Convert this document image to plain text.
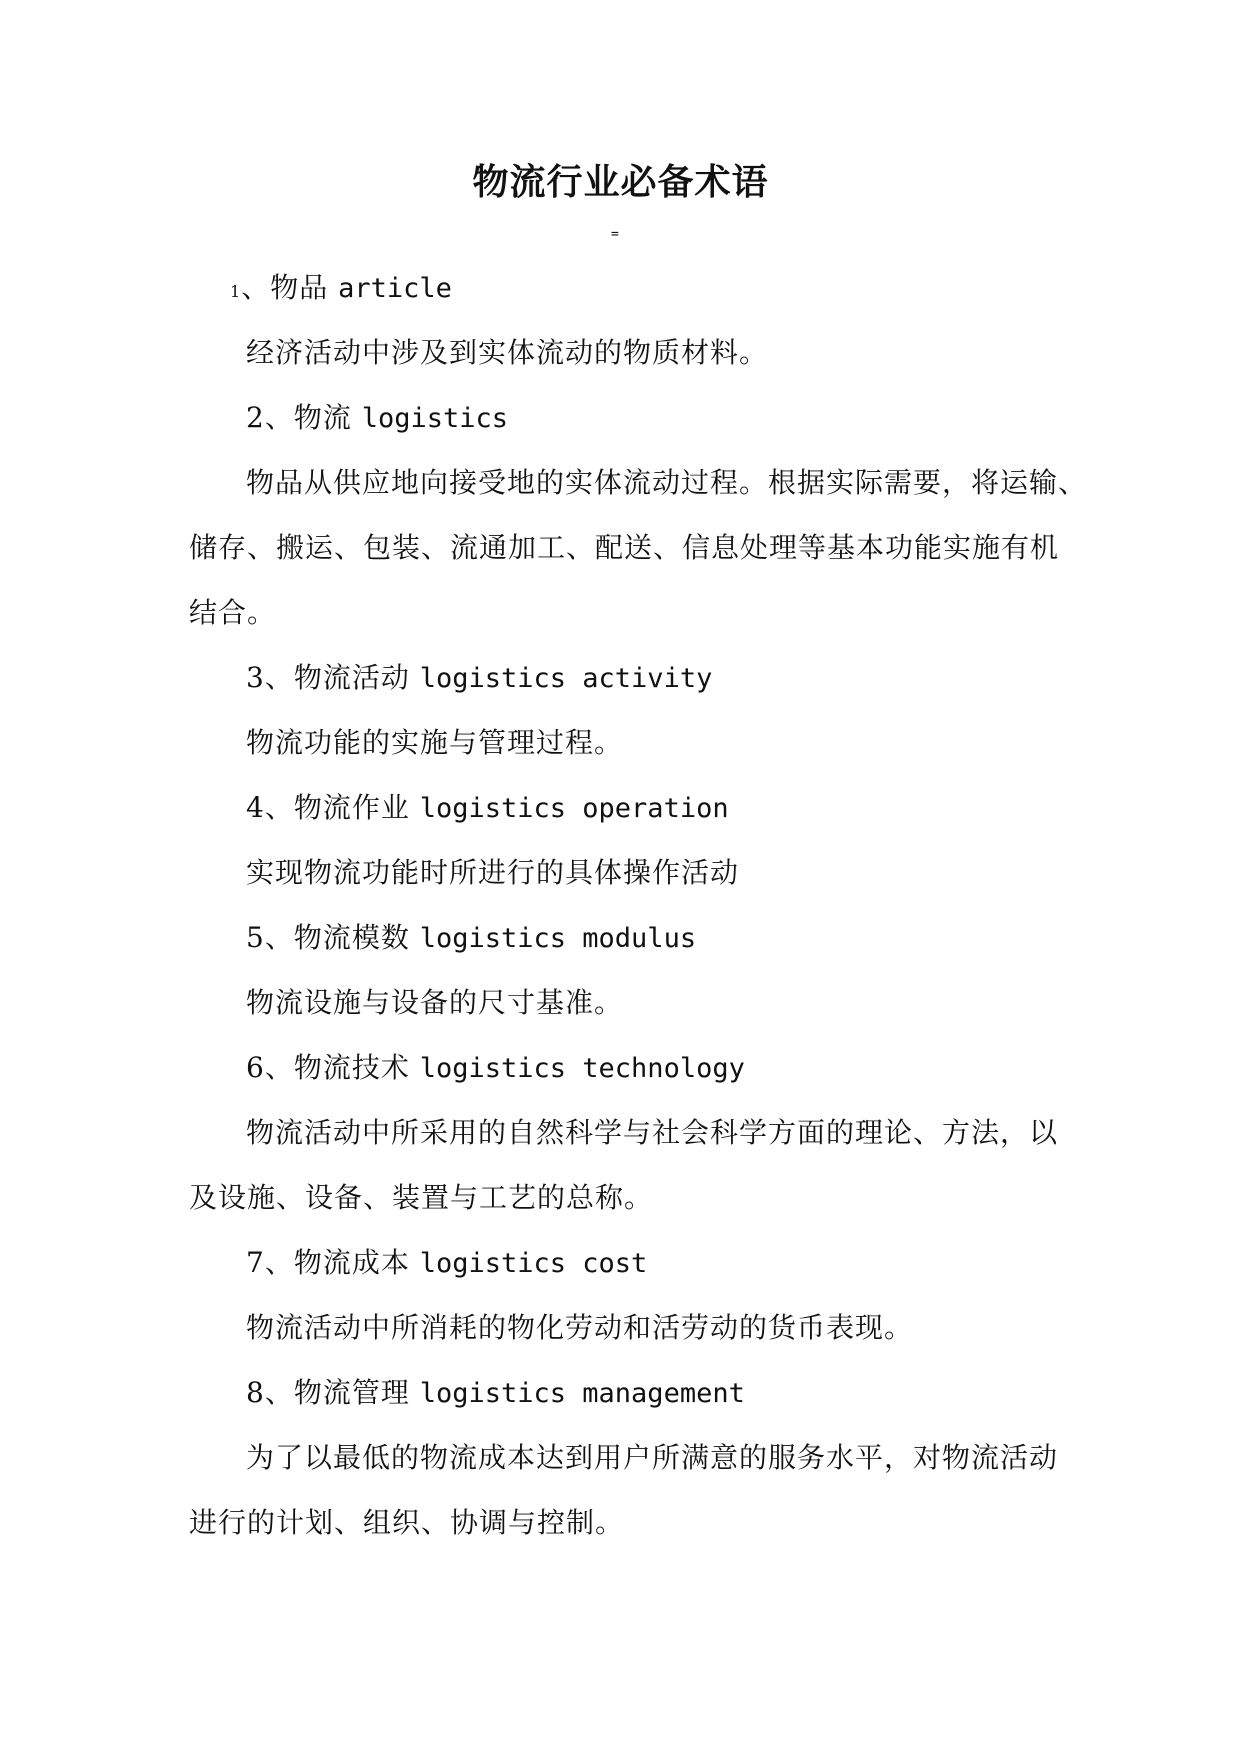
物流行业必备术语
=
1、物品 article
经济活动中涉及到实体流动的物质材料。
2、物流 logistics
物品从供应地向接受地的实体流动过程。根据实际需要，将运输、
储存、搬运、包装、流通加工、配送、信息处理等基本功能实施有机
结合。
3、物流活动 logistics activity
物流功能的实施与管理过程。
4、物流作业 logistics operation
实现物流功能时所进行的具体操作活动
5、物流模数 logistics modulus
物流设施与设备的尺寸基准。
6、物流技术 logistics technology
物流活动中所采用的自然科学与社会科学方面的理论、方法，以
及设施、设备、装置与工艺的总称。
7、物流成本 logistics cost
物流活动中所消耗的物化劳动和活劳动的货币表现。
8、物流管理 logistics management
为了以最低的物流成本达到用户所满意的服务水平，对物流活动
进行的计划、组织、协调与控制。
